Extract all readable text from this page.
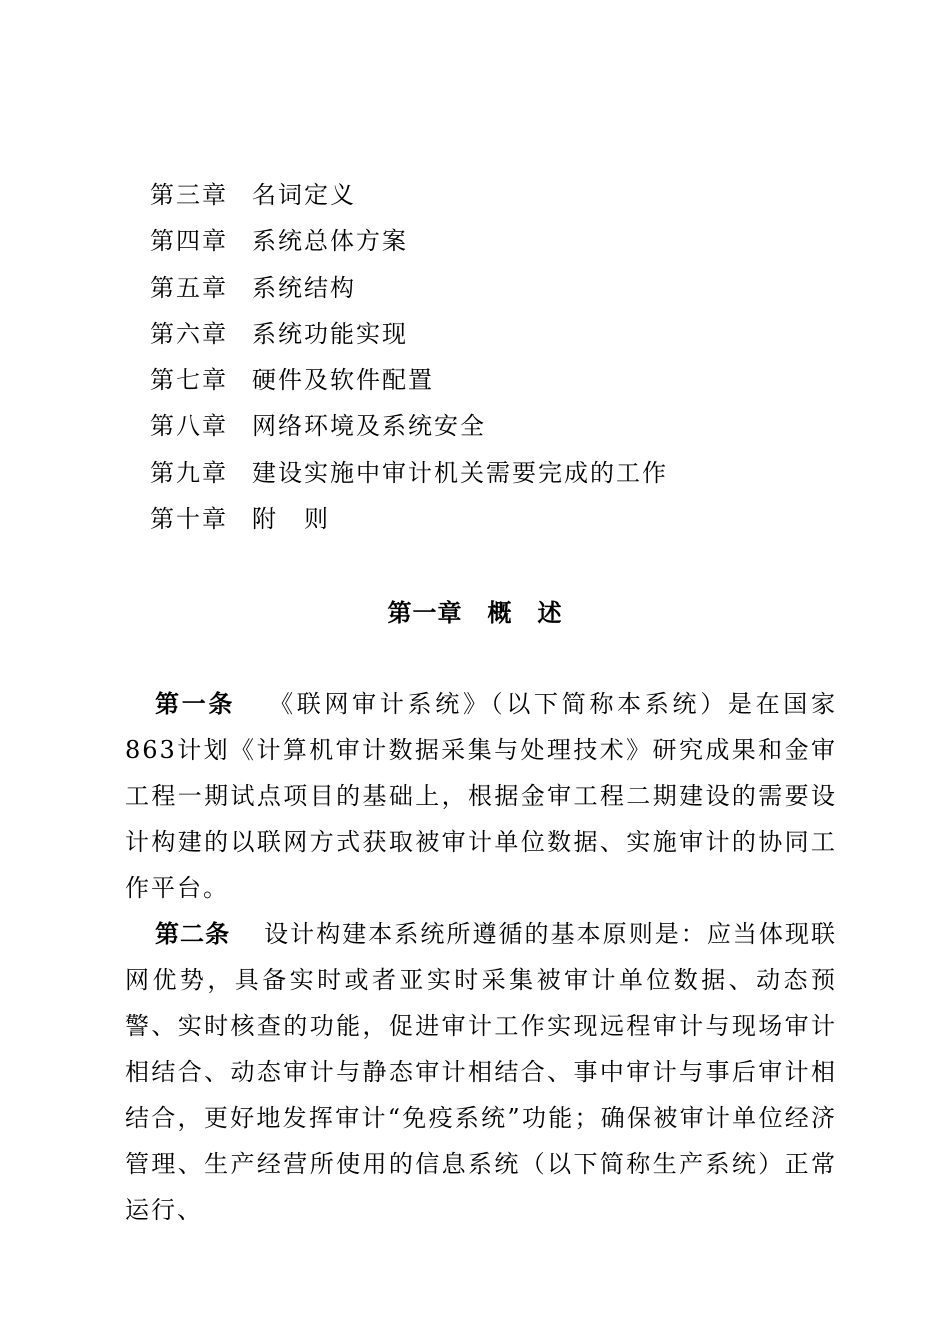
第三章 名词定义
第四章 系统总体方案
第五章 系统结构
第六章 系统功能实现
第七章 硬件及软件配置
第八章 网络环境及系统安全
第九章 建设实施中审计机关需要完成的工作
第十章 附　则
第一章　概　述

第一条 《联网审计系统》（以下简称本系统）是在国家863计划《计算机审计数据采集与处理技术》研究成果和金审工程一期试点项目的基础上，根据金审工程二期建设的需要设计构建的以联网方式获取被审计单位数据、实施审计的协同工作平台。

第二条 设计构建本系统所遵循的基本原则是：应当体现联网优势，具备实时或者亚实时采集被审计单位数据、动态预警、实时核查的功能，促进审计工作实现远程审计与现场审计相结合、动态审计与静态审计相结合、事中审计与事后审计相结合，更好地发挥审计“免疫系统”功能；确保被审计单位经济管理、生产经营所使用的信息系统（以下简称生产系统）正常运行、
